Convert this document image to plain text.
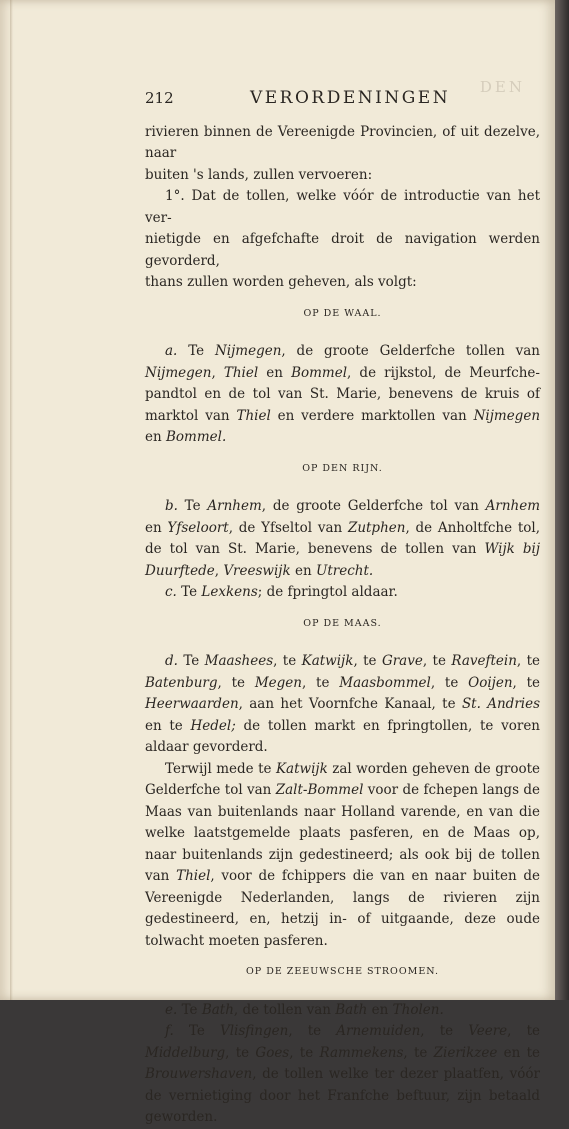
DEN
212	VERORDENINGEN

rivieren binnen de Vereenigde Provincien, of uit dezelve, naar
buiten 's lands, zullen vervoeren:

1°. Dat de tollen, welke vóór de introductie van het ver-
nietigde en afgefchafte droit de navigation werden gevorderd,
thans zullen worden geheven, als volgt:

OP DE WAAL.

a. Te Nijmegen, de groote Gelderfche tollen van Nijmegen, Thiel en Bommel, de rijkstol, de Meurfche-pandtol en de tol van St. Marie, benevens de kruis of marktol van Thiel en verdere marktollen van Nijmegen en Bommel.

OP DEN RIJN.

b. Te Arnhem, de groote Gelderfche tol van Arnhem en Yfseloort, de Yfseltol van Zutphen, de Anholtfche tol, de tol van St. Marie, benevens de tollen van Wijk bij Duurftede, Vreeswijk en Utrecht.

c. Te Lexkens; de fpringtol aldaar.

OP DE MAAS.

d. Te Maashees, te Katwijk, te Grave, te Raveftein, te Batenburg, te Megen, te Maasbommel, te Ooijen, te Heerwaarden, aan het Voornfche Kanaal, te St. Andries en te Hedel; de tollen markt en fpringtollen, te voren aldaar gevorderd.

Terwijl mede te Katwijk zal worden geheven de groote Gelderfche tol van Zalt-Bommel voor de fchepen langs de Maas van buitenlands naar Holland varende, en van die welke laatstgemelde plaats pasferen, en de Maas op, naar buitenlands zijn gedestineerd; als ook bij de tollen van Thiel, voor de fchippers die van en naar buiten de Vereenigde Nederlanden, langs de rivieren zijn gedestineerd, en, hetzij in- of uitgaande, deze oude tolwacht moeten pasferen.

OP DE ZEEUWSCHE STROOMEN.

e. Te Bath, de tollen van Bath en Tholen.

f. Te Vlisfingen, te Arnemuiden, te Veere, te Middelburg, te Goes, te Rammekens, te Zierikzee en te Brouwershaven, de tollen welke ter dezer plaatfen, vóór de vernietiging door het Franfche beftuur, zijn betaald geworden.
